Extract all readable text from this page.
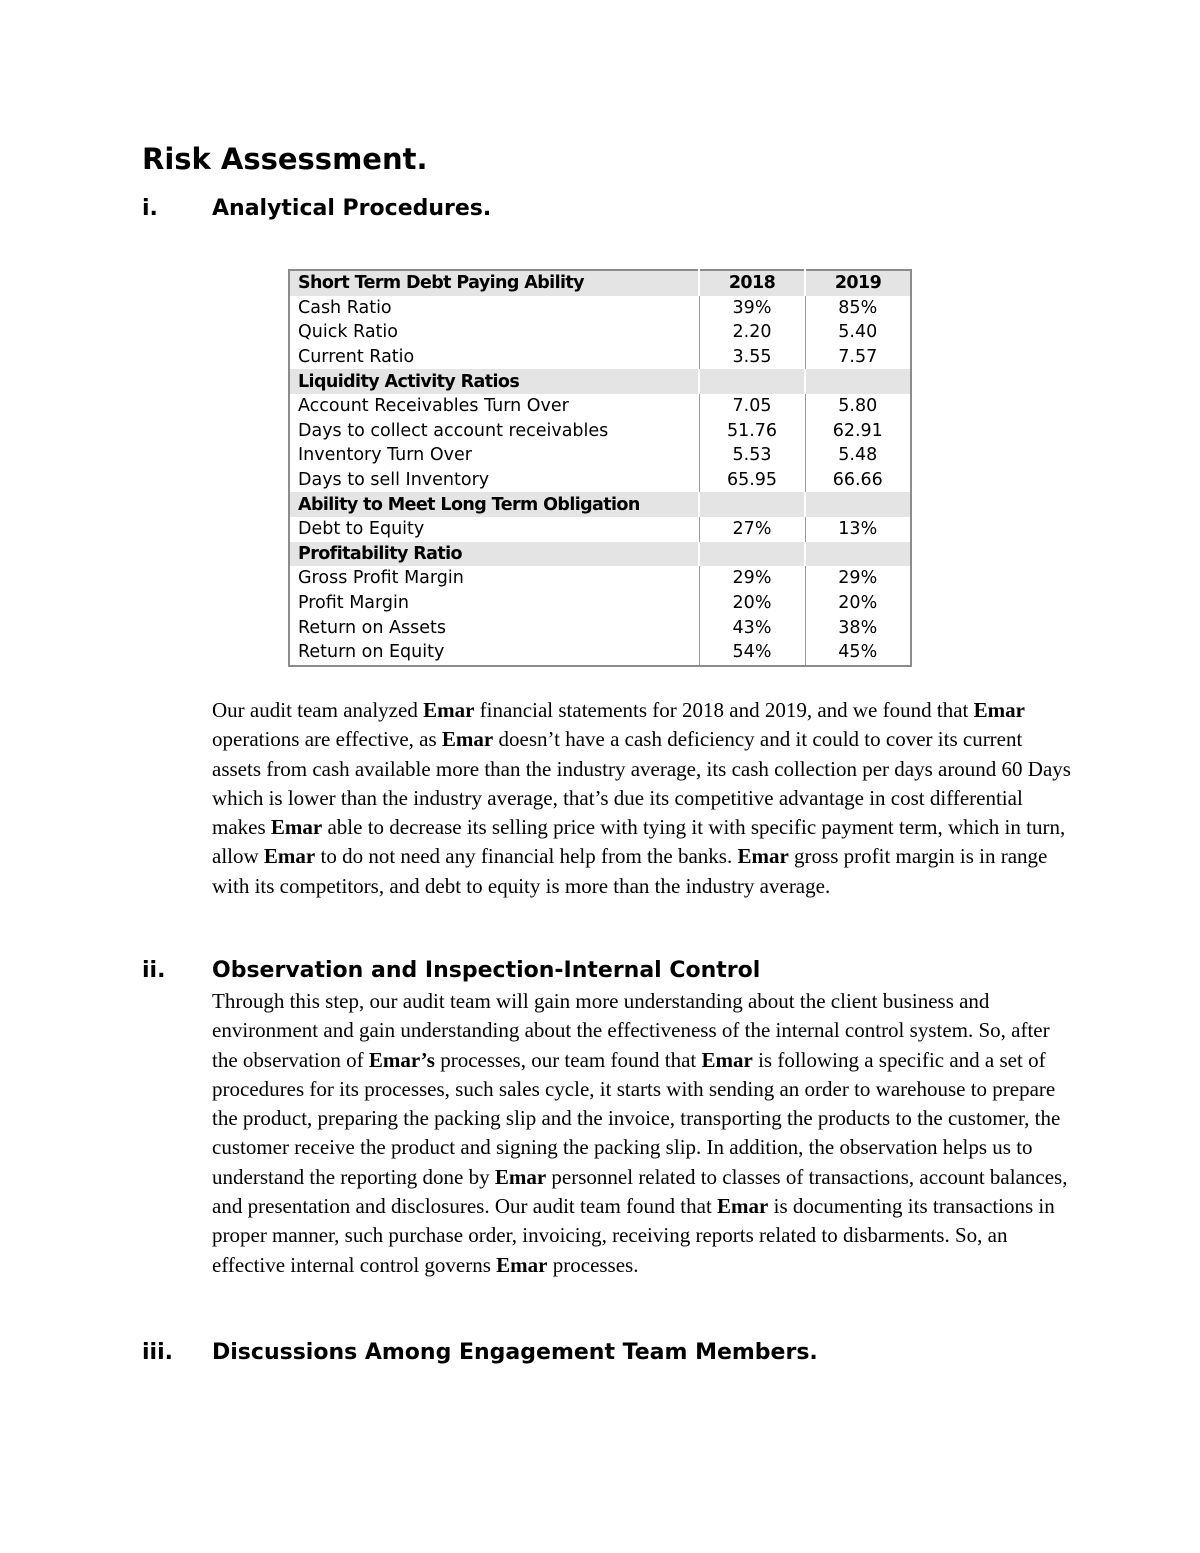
Risk Assessment.
i.	Analytical Procedures.
Short Term Debt Paying Ability	2018	2019
Cash Ratio	39%	85%
Quick Ratio	2.20	5.40
Current Ratio	3.55	7.57
Liquidity Activity Ratios		
Account Receivables Turn Over	7.05	5.80
Days to collect account receivables	51.76	62.91
Inventory Turn Over	5.53	5.48
Days to sell Inventory	65.95	66.66
Ability to Meet Long Term Obligation		
Debt to Equity	27%	13%
Profitability Ratio		
Gross Profit Margin	29%	29%
Profit Margin	20%	20%
Return on Assets	43%	38%
Return on Equity	54%	45%

Our audit team analyzed Emar financial statements for 2018 and 2019, and we found that Emar operations are effective, as Emar doesn’t have a cash deficiency and it could to cover its current assets from cash available more than the industry average, its cash collection per days around 60 Days which is lower than the industry average, that’s due its competitive advantage in cost differential makes Emar able to decrease its selling price with tying it with specific payment term, which in turn, allow Emar to do not need any financial help from the banks. Emar gross profit margin is in range with its competitors, and debt to equity is more than the industry average.

ii.	Observation and Inspection-Internal Control

Through this step, our audit team will gain more understanding about the client business and environment and gain understanding about the effectiveness of the internal control system. So, after the observation of Emar’s processes, our team found that Emar is following a specific and a set of procedures for its processes, such sales cycle, it starts with sending an order to warehouse to prepare the product, preparing the packing slip and the invoice, transporting the products to the customer, the customer receive the product and signing the packing slip. In addition, the observation helps us to understand the reporting done by Emar personnel related to classes of transactions, account balances, and presentation and disclosures. Our audit team found that Emar is documenting its transactions in proper manner, such purchase order, invoicing, receiving reports related to disbarments. So, an effective internal control governs Emar processes.

iii.	Discussions Among Engagement Team Members.
